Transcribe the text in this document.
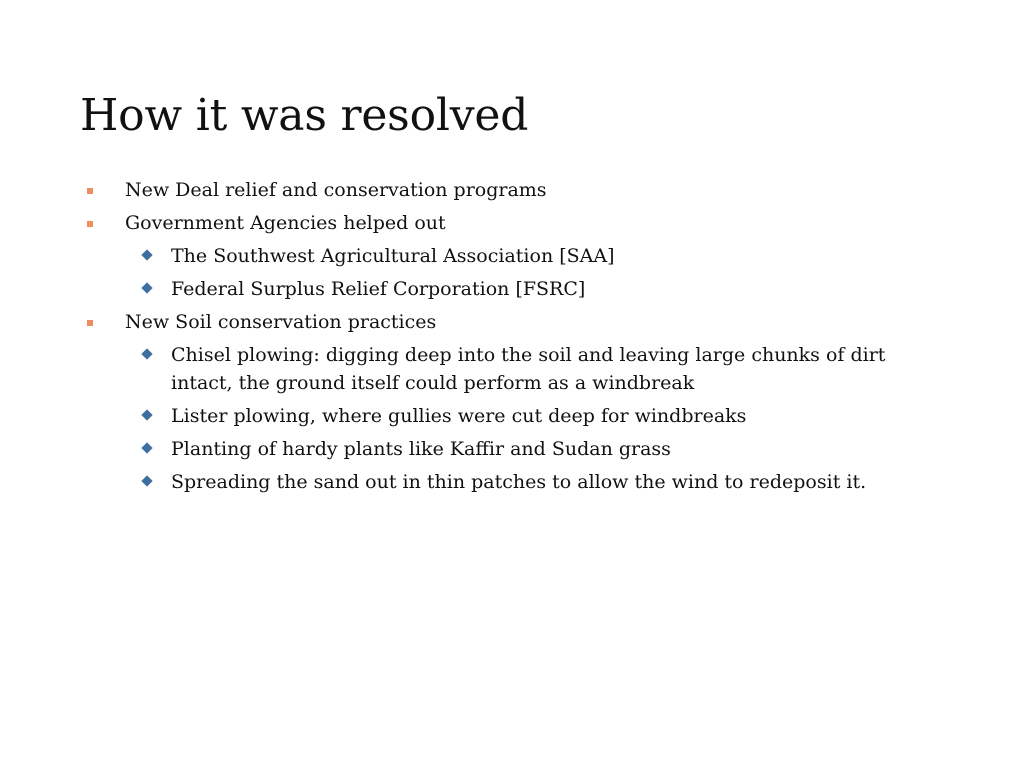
How it was resolved
New Deal relief and conservation programs
Government Agencies helped out
The Southwest Agricultural Association [SAA]
Federal Surplus Relief Corporation [FSRC]
New Soil conservation practices
Chisel plowing: digging deep into the soil and leaving large chunks of dirt intact, the ground itself could perform as a windbreak
Lister plowing, where gullies were cut deep for windbreaks
Planting of hardy plants like Kaffir and Sudan grass
Spreading the sand out in thin patches to allow the wind to redeposit it.
